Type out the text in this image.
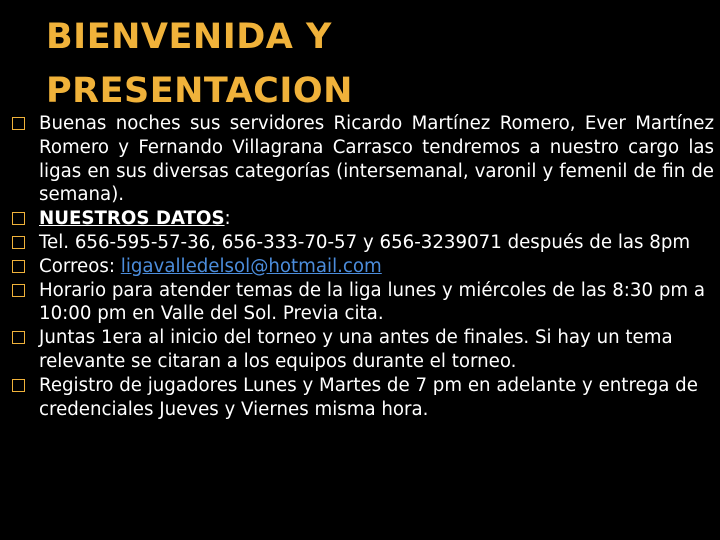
BIENVENIDA Y
PRESENTACION

Buenas noches sus servidores Ricardo Martínez Romero, Ever Martínez Romero y Fernando Villagrana Carrasco tendremos a nuestro cargo las ligas en sus diversas categorías (intersemanal, varonil y femenil de fin de semana).

NUESTROS DATOS:

Tel. 656-595-57-36, 656-333-70-57 y 656-3239071 después de las 8pm

Correos: ligavalledelsol@hotmail.com

Horario para atender temas de la liga lunes y miércoles de las 8:30 pm a 10:00 pm en Valle del Sol. Previa cita.

Juntas 1era al inicio del torneo y una antes de finales. Si hay un tema relevante se citaran a los equipos durante el torneo.

Registro de jugadores Lunes y Martes de 7 pm en adelante y entrega de credenciales Jueves y Viernes misma hora.
